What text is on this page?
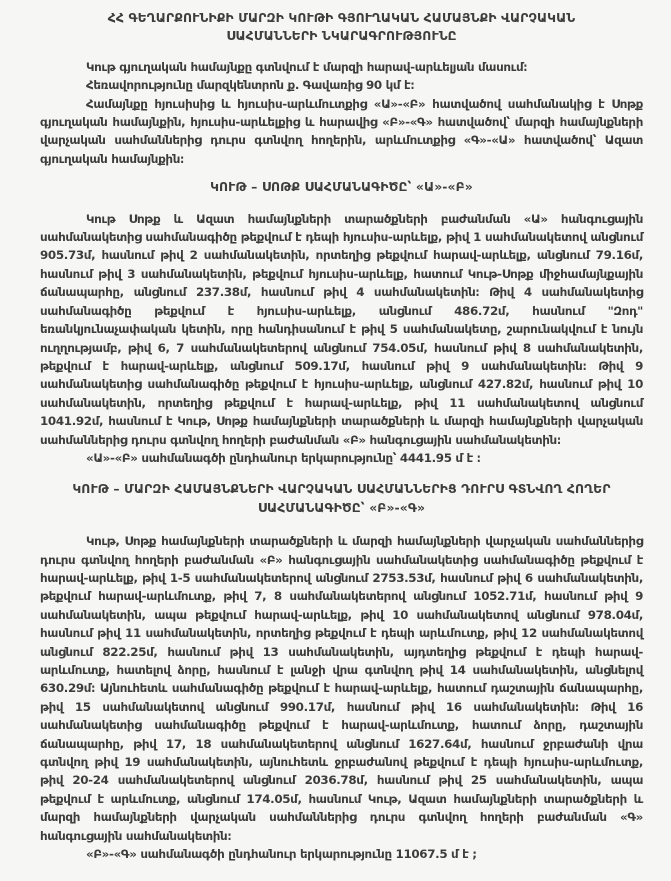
ՀՀ ԳԵՂԱՐՔՈՒՆԻՔԻ ՄԱՐԶԻ ԿՈՒԹԻ ԳՅՈՒՂԱԿԱՆ ՀԱՄԱՅՆՔԻ ՎԱՐՉԱԿԱՆ
ՍԱՀՄԱՆՆԵՐԻ ՆԿԱՐԱԳՐՈՒԹՅՈՒՆԸ

Կութ գյուղական համայնքը գտնվում է մարզի հարավ-արևելյան մասում։

Հեռավորությունը մարզկենտրոն ք. Գավառից 90 կմ է։

Համայնքը հյուսիսից և հյուսիս-արևմուտքից «Ա»-«Բ» հատվածով սահմանակից է Սոթք գյուղական համայնքին, հյուսիս-արևելքից և հարավից «Բ»-«Գ» հատվածով՝ մարզի համայնքների վարչական սահմաններից դուրս գտնվող հողերին, արևմուտքից «Գ»-«Ա» հատվածով՝ Ազատ գյուղական համայնքին։

ԿՈՒԹ – ՍՈԹՔ ՍԱՀՄԱՆԱԳԻԾԸ՝ «Ա»-«Բ»

Կութ Սոթք և Ազատ համայնքների տարածքների բաժանման «Ա» հանգուցային սահմանակետից սահմանագիծը թեքվում է դեպի հյուսիս-արևելք, թիվ 1 սահմանակետով անցնում 905.73մ, հասնում թիվ 2 սահմանակետին, որտեղից թեքվում հարավ-արևելք, անցնում 79.16մ, հասնում թիվ 3 սահմանակետին, թեքվում հյուսիս-արևելք, հատում Կութ-Սոթք միջհամայնքային ճանապարհը, անցնում 237.38մ, հասնում թիվ 4 սահմանակետին։ Թիվ 4 սահմանակետից սահմանագիծը թեքվում է հյուսիս-արևելք, անցնում 486.72մ, հասնում "Զոդ" եռանկյունաչափական կետին, որը հանդիսանում է թիվ 5 սահմանակետը, շարունակվում է նույն ուղղությամբ, թիվ 6, 7 սահմանակետերով անցնում 754.05մ, հասնում թիվ 8 սահմանակետին, թեքվում է հարավ-արևելք, անցնում 509.17մ, հասնում թիվ 9 սահմանակետին։ Թիվ 9 սահմանակետից սահմանագիծը թեքվում է հյուսիս-արևելք, անցնում 427.82մ, հասնում թիվ 10 սահմանակետին, որտեղից թեքվում է հարավ-արևելք, թիվ 11 սահմանակետով անցնում 1041.92մ, հասնում է Կութ, Սոթք համայնքների տարածքների և մարզի համայնքների վարչական սահմաններից դուրս գտնվող հողերի բաժանման «Բ» հանգուցային սահմանակետին։

«Ա»-«Բ» սահմանագծի ընդհանուր երկարությունը՝ 4441.95 մ է ։

ԿՈՒԹ – ՄԱՐԶԻ ՀԱՄԱՅՆՔՆԵՐԻ ՎԱՐՉԱԿԱՆ ՍԱՀՄԱՆՆԵՐԻՑ ԴՈՒՐՍ ԳՏՆՎՈՂ ՀՈՂԵՐ
ՍԱՀՄԱՆԱԳԻԾԸ՝ «Բ»-«Գ»

Կութ, Սոթք համայնքների տարածքների և մարզի համայնքների վարչական սահմաններից դուրս գտնվող հողերի բաժանման «Բ» հանգուցային սահմանակետից սահմանագիծը թեքվում է հարավ-արևելք, թիվ 1-5 սահմանակետերով անցնում 2753.53մ, հասնում թիվ 6 սահմանակետին, թեքվում հարավ-արևմուտք, թիվ 7, 8 սահմանակետերով անցնում 1052.71մ, հասնում թիվ 9 սահմանակետին, ապա թեքվում հարավ-արևելք, թիվ 10 սահմանակետով անցնում 978.04մ, հասնում թիվ 11 սահմանակետին, որտեղից թեքվում է դեպի արևմուտք, թիվ 12 սահմանակետով անցնում 822.25մ, հասնում թիվ 13 սահմանակետին, այդտեղից թեքվում է դեպի հարավ-արևմուտք, հատելով ձորը, հասնում է լանջի վրա գտնվող թիվ 14 սահմանակետին, անցնելով 630.29մ։ Այնուհետև սահմանագիծը թեքվում է հարավ-արևելք, հատում դաշտային ճանապարհը, թիվ 15 սահմանակետով անցնում 990.17մ, հասնում թիվ 16 սահմանակետին։ Թիվ 16 սահմանակետից սահմանագիծը թեքվում է հարավ-արևմուտք, հատում ձորը, դաշտային ճանապարհը, թիվ 17, 18 սահմանակետերով անցնում 1627.64մ, հասնում ջրբաժանի վրա գտնվող թիվ 19 սահմանակետին, այնուհետև ջրբաժանով թեքվում է դեպի հյուսիս-արևմուտք, թիվ 20-24 սահմանակետերով անցնում 2036.78մ, հասնում թիվ 25 սահմանակետին, ապա թեքվում է արևմուտք, անցնում 174.05մ, հասնում Կութ, Ազատ համայնքների տարածքների և մարզի համայնքների վարչական սահմաններից դուրս գտնվող հողերի բաժանման «Գ» հանգուցային սահմանակետին։

«Բ»-«Գ» սահմանագծի ընդհանուր երկարությունը 11067.5 մ է ;
